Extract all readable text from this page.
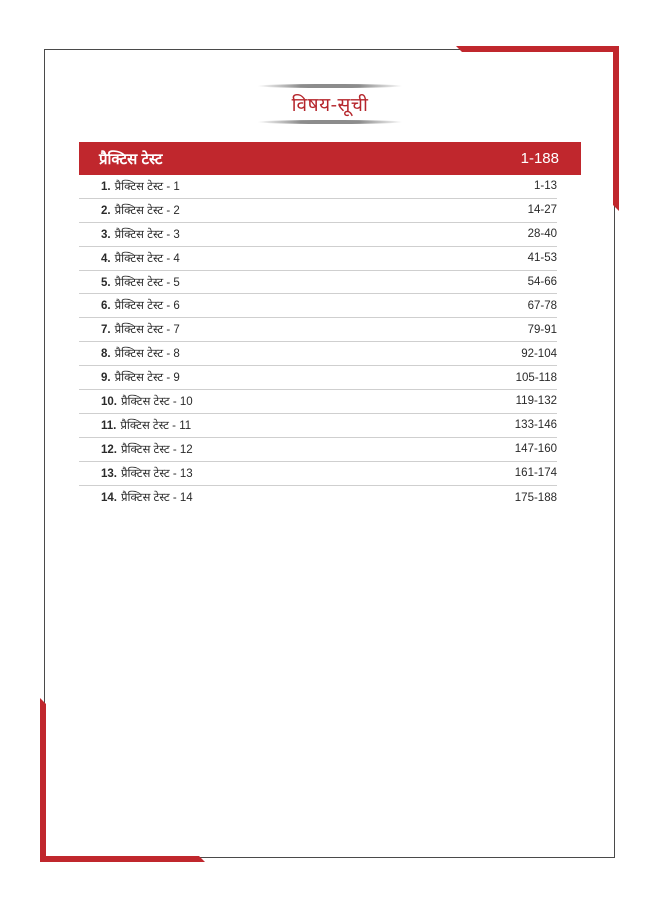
विषय-सूची
प्रैक्टिस टेस्ट	1-188
1. प्रैक्टिस टेस्ट - 1	1-13
2. प्रैक्टिस टेस्ट - 2	14-27
3. प्रैक्टिस टेस्ट - 3	28-40
4. प्रैक्टिस टेस्ट - 4	41-53
5. प्रैक्टिस टेस्ट - 5	54-66
6. प्रैक्टिस टेस्ट - 6	67-78
7. प्रैक्टिस टेस्ट - 7	79-91
8. प्रैक्टिस टेस्ट - 8	92-104
9. प्रैक्टिस टेस्ट - 9	105-118
10. प्रैक्टिस टेस्ट - 10	119-132
11. प्रैक्टिस टेस्ट - 11	133-146
12. प्रैक्टिस टेस्ट - 12	147-160
13. प्रैक्टिस टेस्ट - 13	161-174
14. प्रैक्टिस टेस्ट - 14	175-188
